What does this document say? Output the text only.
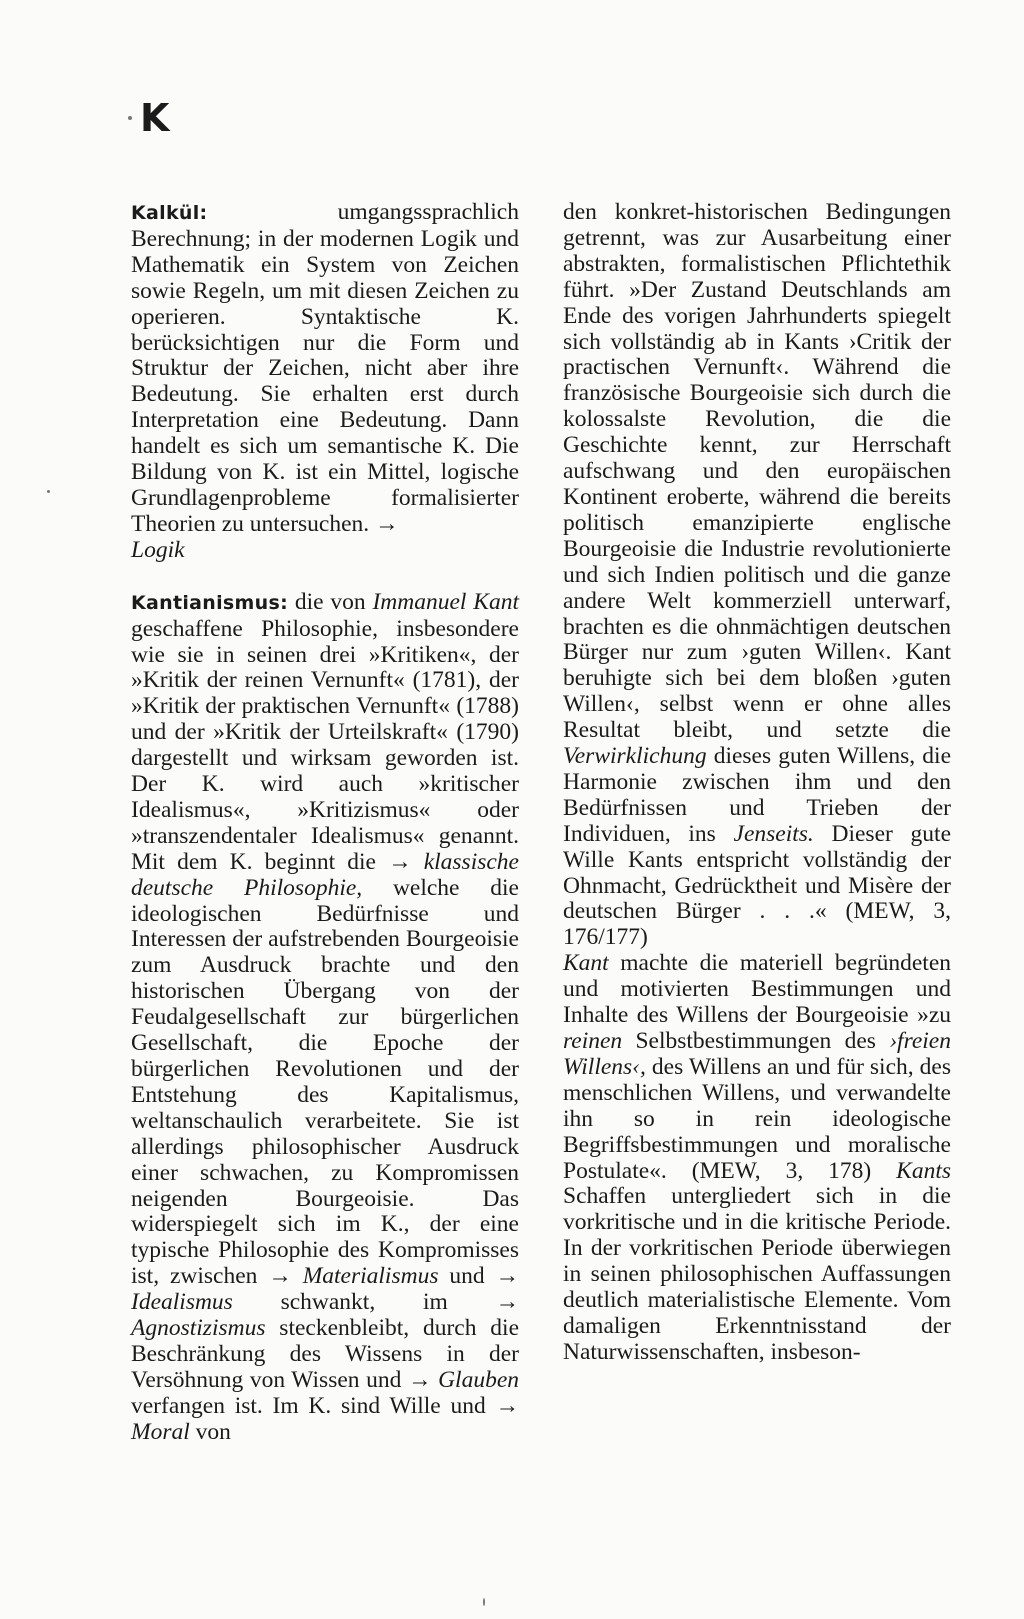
K

Kalkül: umgangssprachlich Berechnung; in der modernen Logik und Mathematik ein System von Zeichen sowie Regeln, um mit diesen Zeichen zu operieren. Syntaktische K. berücksichtigen nur die Form und Struktur der Zeichen, nicht aber ihre Bedeutung. Sie erhalten erst durch Interpretation eine Bedeutung. Dann handelt es sich um semantische K. Die Bildung von K. ist ein Mittel, logische Grundlagenprobleme formalisierter Theorien zu untersuchen. →
Logik

Kantianismus: die von Immanuel Kant geschaffene Philosophie, insbesondere wie sie in seinen drei »Kritiken«, der »Kritik der reinen Vernunft« (1781), der »Kritik der praktischen Vernunft« (1788) und der »Kritik der Urteilskraft« (1790) dargestellt und wirksam geworden ist. Der K. wird auch »kritischer Idealismus«, »Kritizismus« oder »transzendentaler Idealismus« genannt. Mit dem K. beginnt die → klassische deutsche Philosophie, welche die ideologischen Bedürfnisse und Interessen der aufstrebenden Bourgeoisie zum Ausdruck brachte und den historischen Übergang von der Feudalgesellschaft zur bürgerlichen Gesellschaft, die Epoche der bürgerlichen Revolutionen und der Entstehung des Kapitalismus, weltanschaulich verarbeitete. Sie ist allerdings philosophischer Ausdruck einer schwachen, zu Kompromissen neigenden Bourgeoisie. Das widerspiegelt sich im K., der eine typische Philosophie des Kompromisses ist, zwischen → Materialismus und → Idealismus schwankt, im → Agnostizismus steckenbleibt, durch die Beschränkung des Wissens in der Versöhnung von Wissen und → Glauben verfangen ist. Im K. sind Wille und → Moral von

den konkret-historischen Bedingungen getrennt, was zur Ausarbeitung einer abstrakten, formalistischen Pflichtethik führt. »Der Zustand Deutschlands am Ende des vorigen Jahrhunderts spiegelt sich vollständig ab in Kants ›Critik der practischen Vernunft‹. Während die französische Bourgeoisie sich durch die kolossalste Revolution, die die Geschichte kennt, zur Herrschaft aufschwang und den europäischen Kontinent eroberte, während die bereits politisch emanzipierte englische Bourgeoisie die Industrie revolutionierte und sich Indien politisch und die ganze andere Welt kommerziell unterwarf, brachten es die ohnmächtigen deutschen Bürger nur zum ›guten Willen‹. Kant beruhigte sich bei dem bloßen ›guten Willen‹, selbst wenn er ohne alles Resultat bleibt, und setzte die Verwirklichung dieses guten Willens, die Harmonie zwischen ihm und den Bedürfnissen und Trieben der Individuen, ins Jenseits. Dieser gute Wille Kants entspricht vollständig der Ohnmacht, Gedrücktheit und Misère der deutschen Bürger . . .« (MEW, 3, 176/177)
Kant machte die materiell begründeten und motivierten Bestimmungen und Inhalte des Willens der Bourgeoisie »zu reinen Selbstbestimmungen des ›freien Willens‹, des Willens an und für sich, des menschlichen Willens, und verwandelte ihn so in rein ideologische Begriffsbestimmungen und moralische Postulate«. (MEW, 3, 178) Kants Schaffen untergliedert sich in die vorkritische und in die kritische Periode. In der vorkritischen Periode überwiegen in seinen philosophischen Auffassungen deutlich materialistische Elemente. Vom damaligen Erkenntnisstand der Naturwissenschaften, insbeson-
